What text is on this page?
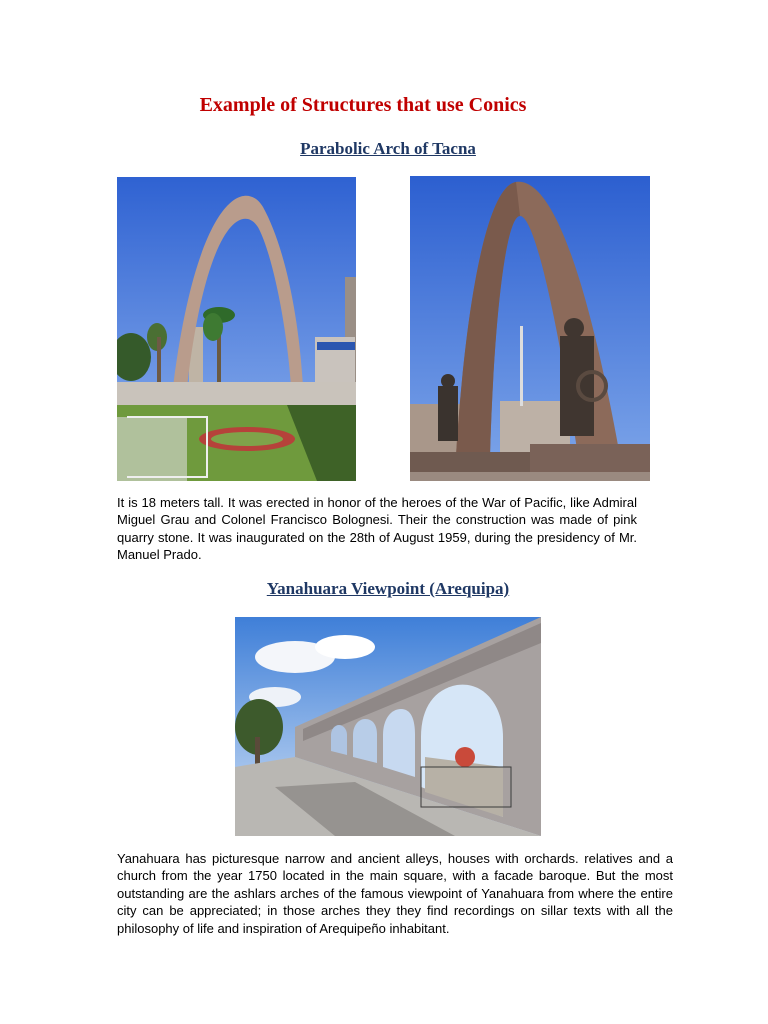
Example of Structures that use Conics
Parabolic Arch of Tacna

It is 18 meters tall. It was erected in honor of the heroes of the War of Pacific, like Admiral Miguel Grau and Colonel Francisco Bolognesi. Their the construction was made of pink quarry stone. It was inaugurated on the 28th of August 1959, during the presidency of Mr. Manuel Prado.

Yanahuara Viewpoint (Arequipa)

Yanahuara has picturesque narrow and ancient alleys, houses with orchards. relatives and a church from the year 1750 located in the main square, with a facade baroque. But the most outstanding are the ashlars arches of the famous viewpoint of Yanahuara from where the entire city can be appreciated; in those arches they they find recordings on sillar texts with all the philosophy of life and inspiration of Arequipeño inhabitant.
